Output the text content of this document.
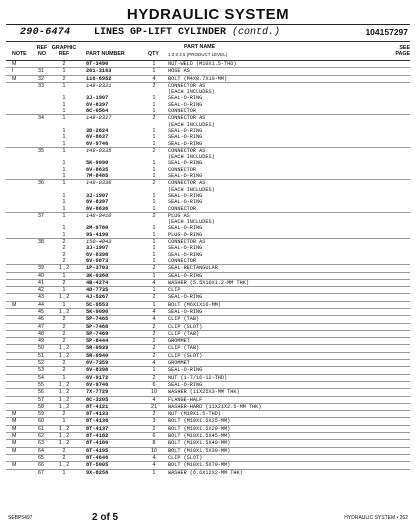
HYDRAULIC SYSTEM
290-6474 LINES GP-LIFT CYLINDER (contd.)	104157297
NOTE
REF NO
GRAPHIC REF	PART NUMBER	QTY
PART NAME
1 2 3 4 5 (PRODUCT LEVEL)
SEE PAGE
M	2	8T-3490	1	NUT-WELD (M10X1.5-THD)
I	31	1	261-3163	1	HOSE AS
M	32	2	116-6952	4	BOLT (M4X0.7X10-MM)
33	1	148-8321	2	CONNECTOR AS
(EACH INCLUDES)
1	3J-1907	1	SEAL-O-RING
1	6V-8397	1	SEAL-O-RING
1	8C-0564	1	CONNECTOR
34	1	148-8327	2	CONNECTOR AS
(EACH INCLUDES)
1	3D-2824	1	SEAL-O-RING
1	6V-8637	1	SEAL-O-RING
1	6V-9746	1	SEAL-O-RING
35	1	148-8335	2	CONNECTOR AS
(EACH INCLUDES)
1	5K-9090	1	SEAL-O-RING
1	6V-8635	1	CONNECTOR
1	7M-8485	1	SEAL-O-RING
36	1	148-8336	2	CONNECTOR AS
(EACH INCLUDES)
1	3J-1907	1	SEAL-O-RING
1	6V-8397	1	SEAL-O-RING
1	6V-8636	1	CONNECTOR
37	1	148-8410	2	PLUG AS
(EACH INCLUDES)
1	2M-9780	1	SEAL-O-RING
1	9S-4190	1	PLUG-O-RING
38	2	150-4043	1	CONNECTOR AS
2	3J-1907	1	SEAL-O-RING
2	6V-8398	1	SEAL-O-RING
2	6V-9873	1	CONNECTOR
39	1 , 2	1P-3703	2	SEAL-RECTANGULAR
40	1	3K-0360	1	SEAL-O-RING
41	2	4B-4274	4	WASHER (5.5X10X1.2-MM THK)
42	1	4D-7735	1	CLIP
43	1 , 2	4J-5267	2	SEAL-O-RING
M	44	1	5C-9553	1	BOLT (M6X1X16-MM)
45	1 , 2	5K-9090	4	SEAL-O-RING
46	2	5P-7465	4	CLIP (TAB)
47	2	5P-7468	2	CLIP (SLOT)
48	2	5P-7469	2	CLIP (TAB)
49	2	5P-8444	2	GROMMET
50	1 , 2	5R-0939	2	CLIP (TAB)
51	1 , 2	5R-0940	2	CLIP (SLOT)
52	2	6V-7359	4	GROMMET
53	2	6V-8398	1	SEAL-O-RING
54	1	6V-9172	2	NUT (1-7/16-12-THD)
55	1 , 2	6V-9746	6	SEAL-O-RING
56	1 , 2	7X-7729	10	WASHER (11X25X3-MM THK)
57	1 , 2	8C-3205	4	FLANGE-HALF
58	1 , 2	8T-4121	21	WASHER-HARD (11X21X2.5-MM THK)
M	59	2	8T-4133	2	NUT (M10X1.5-THD)
M	60	1	8T-4136	3	BOLT (M10X1.5X25-MM)
M	61	1 , 2	8T-4137	2	BOLT (M10X1.5X20-MM)
M	62	1 , 2	8T-4182	6	BOLT (M10X1.5X45-MM)
M	63	1 , 2	8T-4186	8	BOLT (M10X1.5X40-MM)
M	64	2	8T-4195	10	BOLT (M10X1.5X30-MM)
65	2	8T-4646	4	CLIP (SLOT)
M	66	1 , 2	8T-5005	4	BOLT (M10X1.5X70-MM)
67	1	9X-8256	1	WASHER (6.6X12X2-MM THK)
SEBP5497	2 of 5	HYDRAULIC SYSTEM • 262
